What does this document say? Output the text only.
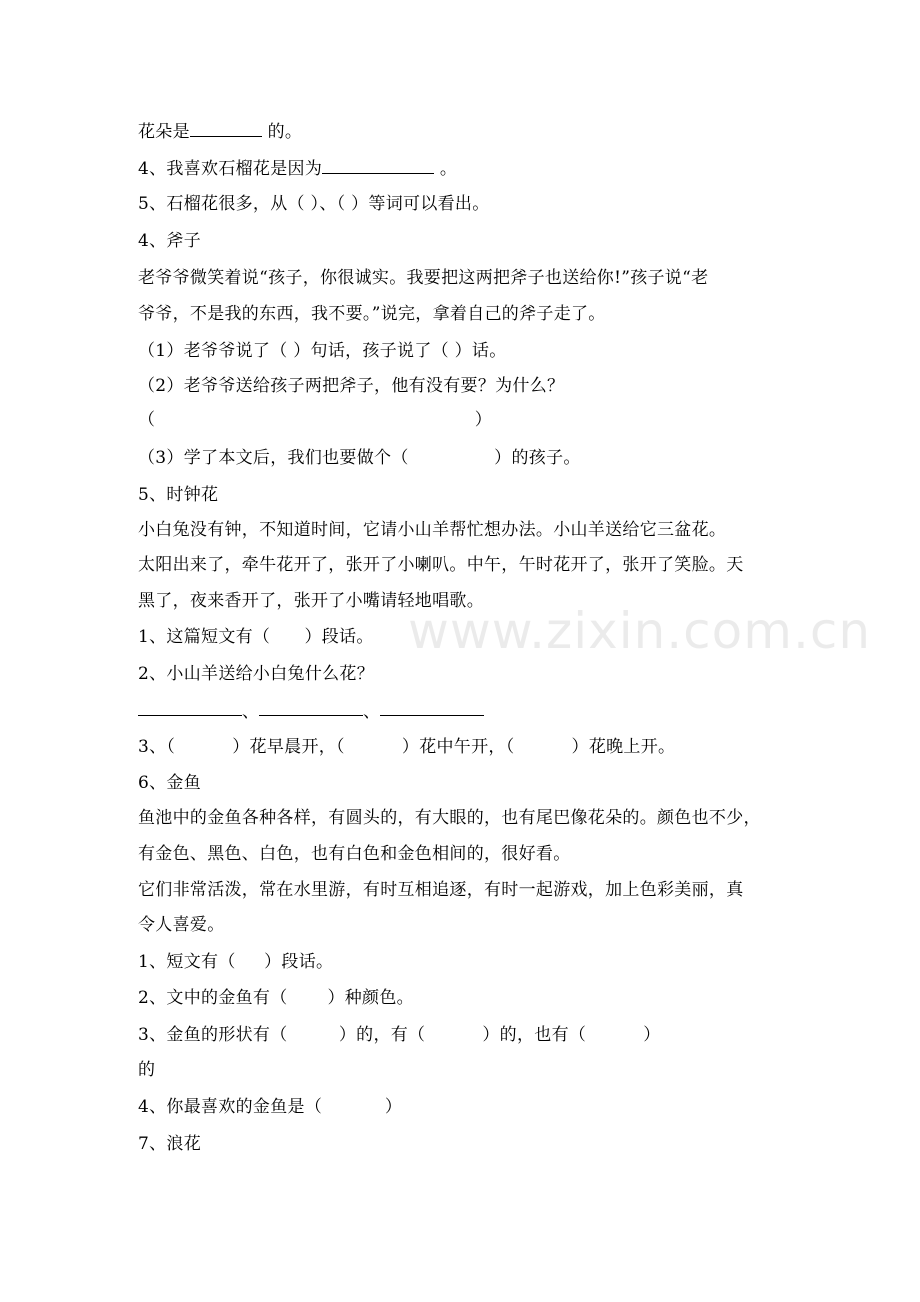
花朵是	的。
4、我喜欢石榴花是因为	。
5、石榴花很多，从（ ）、（ ）等词可以看出。
4、斧子
老爷爷微笑着说“孩子，你很诚实。我要把这两把斧子也送给你!”孩子说“老
爷爷，不是我的东西，我不要。”说完，拿着自己的斧子走了。
（1）老爷爷说了（ ）句话，孩子说了（ ）话。
（2）老爷爷送给孩子两把斧子，他有没有要？为什么？
（                                                        ）
（3）学了本文后，我们也要做个（               ）的孩子。
5、时钟花
小白兔没有钟，不知道时间，它请小山羊帮忙想办法。小山羊送给它三盆花。
太阳出来了，牵牛花开了，张开了小喇叭。中午，午时花开了，张开了笑脸。天
黑了，夜来香开了，张开了小嘴请轻地唱歌。
1、这篇短文有（      ）段话。
2、小山羊送给小白兔什么花？
、	、
3、（          ）花早晨开，（          ）花中午开，（          ）花晚上开。
6、金鱼
鱼池中的金鱼各种各样，有圆头的，有大眼的，也有尾巴像花朵的。颜色也不少，
有金色、黑色、白色，也有白色和金色相间的，很好看。
它们非常活泼，常在水里游，有时互相追逐，有时一起游戏，加上色彩美丽，真
令人喜爱。
1、短文有（     ）段话。
2、文中的金鱼有（       ）种颜色。
3、金鱼的形状有（         ）的，有（          ）的，也有（          ）
的
4、你最喜欢的金鱼是（           ）
7、浪花
www.zixin.com.cn
